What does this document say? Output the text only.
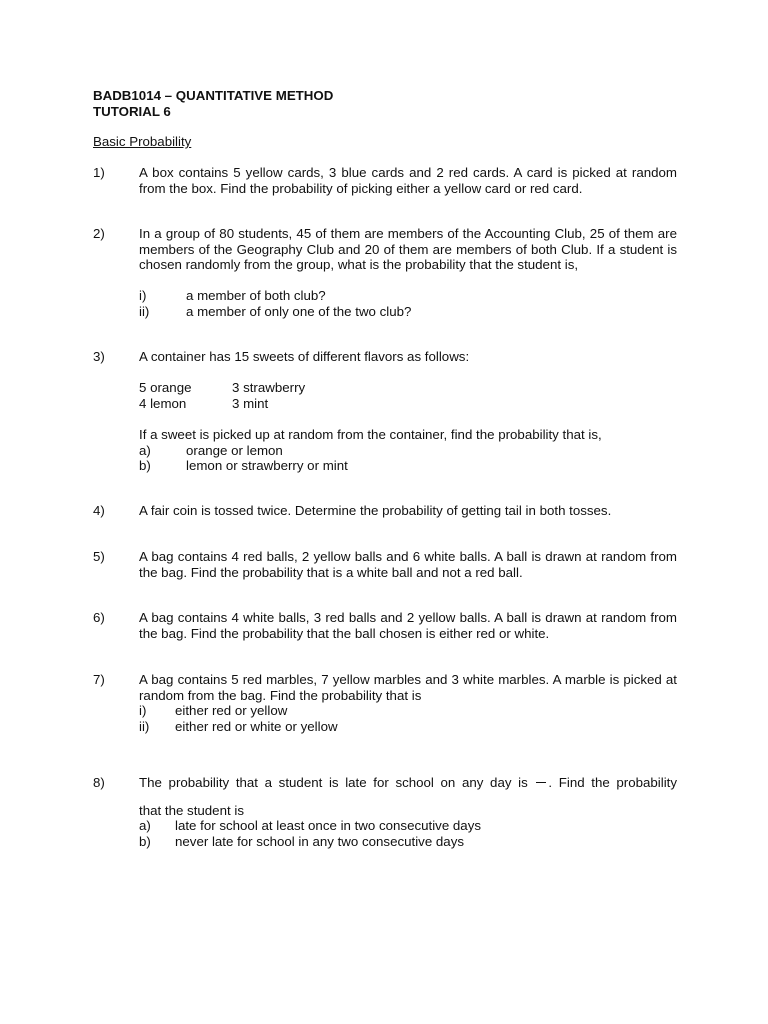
BADB1014 – QUANTITATIVE METHOD
TUTORIAL 6
Basic Probability
1)	A box contains 5 yellow cards, 3 blue cards and 2 red cards. A card is picked at random from the box. Find the probability of picking either a yellow card or red card.

2)	In a group of 80 students, 45 of them are members of the Accounting Club, 25 of them are members of the Geography Club and 20 of them are members of both Club. If a student is chosen randomly from the group, what is the probability that the student is,

i)	a member of both club?
ii)	a member of only one of the two club?
3)	A container has 15 sweets of different flavors as follows:

5 orange	3 strawberry
4 lemon	3 mint

If a sweet is picked up at random from the container, find the probability that is,

a)	orange or lemon
b)	lemon or strawberry or mint
4)	A fair coin is tossed twice. Determine the probability of getting tail in both tosses.

5)	A bag contains 4 red balls, 2 yellow balls and 6 white balls. A ball is drawn at random from the bag. Find the probability that is a white ball and not a red ball.

6)	A bag contains 4 white balls, 3 red balls and 2 yellow balls. A ball is drawn at random from the bag. Find the probability that the ball chosen is either red or white.

7)	A bag contains 5 red marbles, 7 yellow marbles and 3 white marbles. A marble is picked at random from the bag. Find the probability that is

i) either red or yellow
ii) either red or white or yellow
8)	The probability that a student is late for school on any day is . Find the probability

that the student is

a) late for school at least once in two consecutive days
b) never late for school in any two consecutive days
